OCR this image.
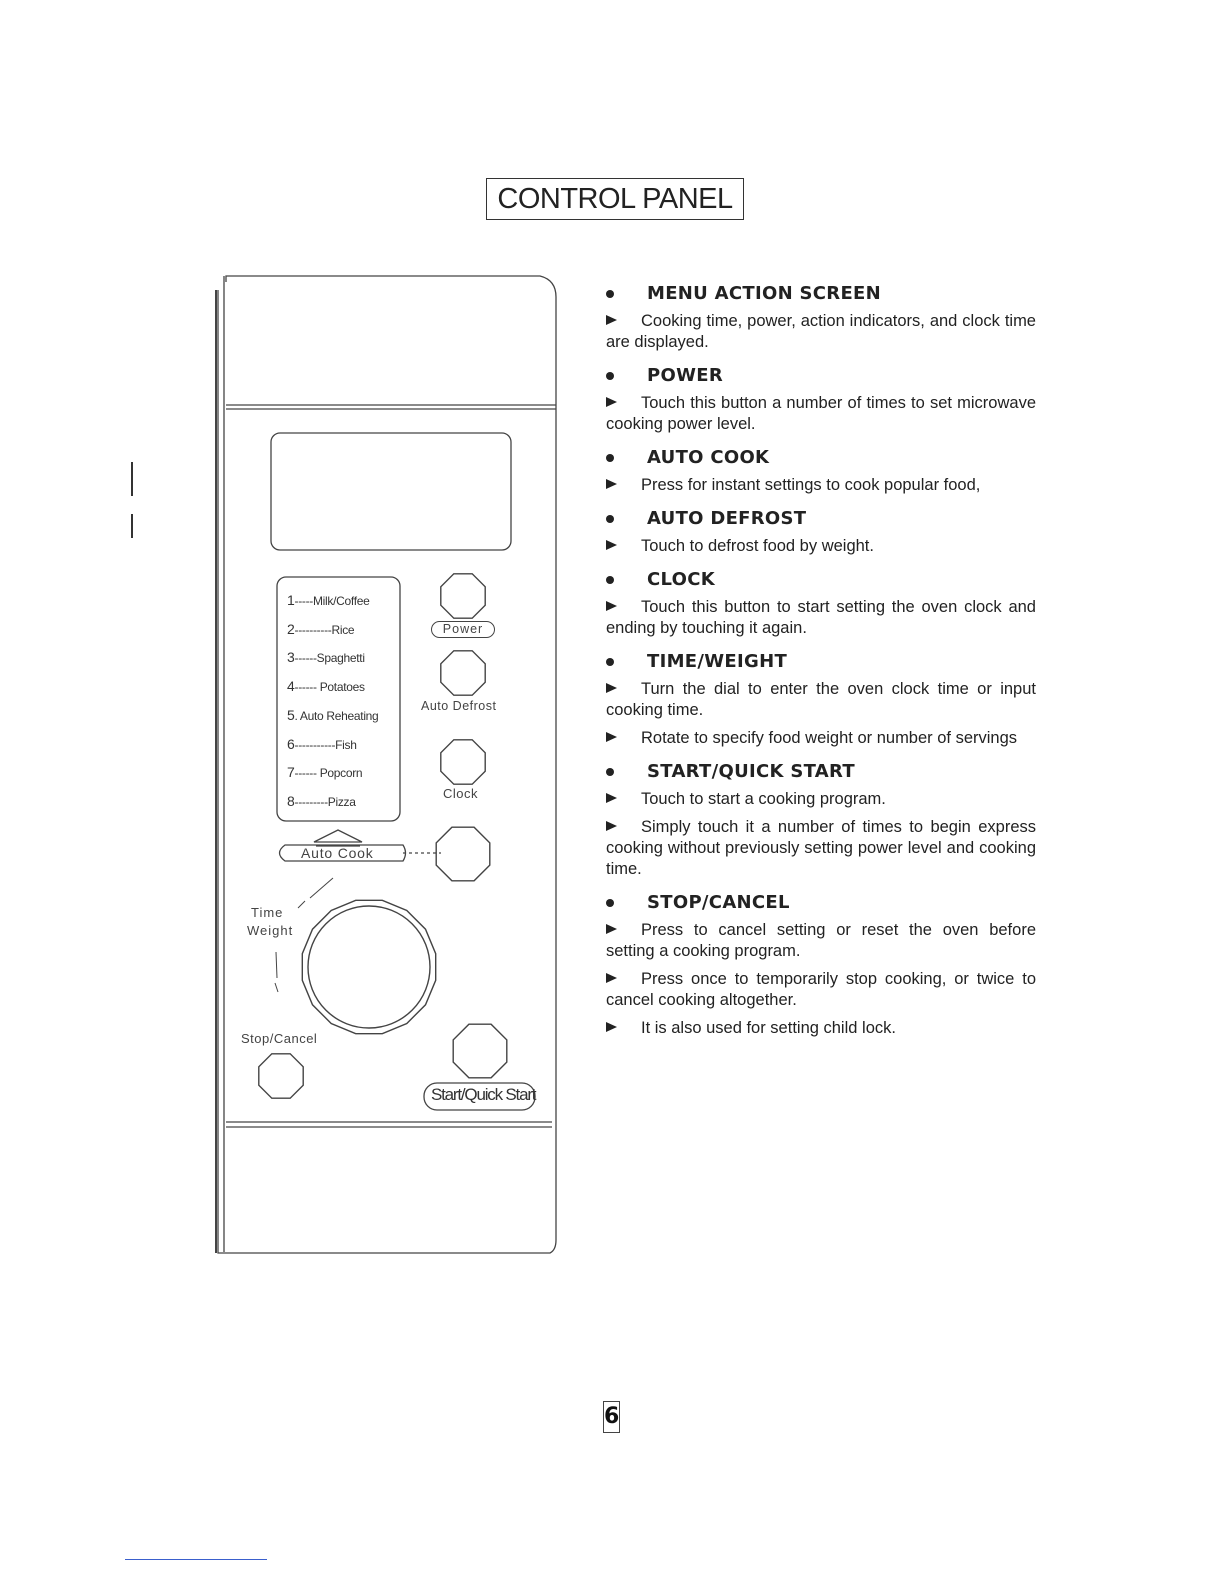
CONTROL PANEL
Power
Auto Defrost
Clock
Auto Cook
Time
Weight
Stop/Cancel
Start/Quick Start
1-----Milk/Coffee
2----------Rice
3------Spaghetti
4------ Potatoes
5. Auto Reheating
6-----------Fish
7------ Popcorn
8---------Pizza
MENU ACTION SCREEN
Cooking time, power, action indicators, and clock time are displayed.
POWER
Touch this button a number of times to set microwave cooking power level.
AUTO COOK
Press for instant settings to cook popular food,
AUTO DEFROST
Touch to defrost food by weight.
CLOCK
Touch this button to start setting the oven clock and ending by touching it again.
TIME/WEIGHT
Turn the dial to enter the oven clock time or input cooking time.
Rotate to specify food weight or number of servings
START/QUICK START
Touch to start a cooking program.
Simply touch it a number of times to begin express cooking without previously setting power level and cooking time.
STOP/CANCEL
Press to cancel setting or reset the oven before setting a cooking program.
Press once to temporarily stop cooking, or twice to cancel cooking altogether.
It is also used for setting child lock.
6
